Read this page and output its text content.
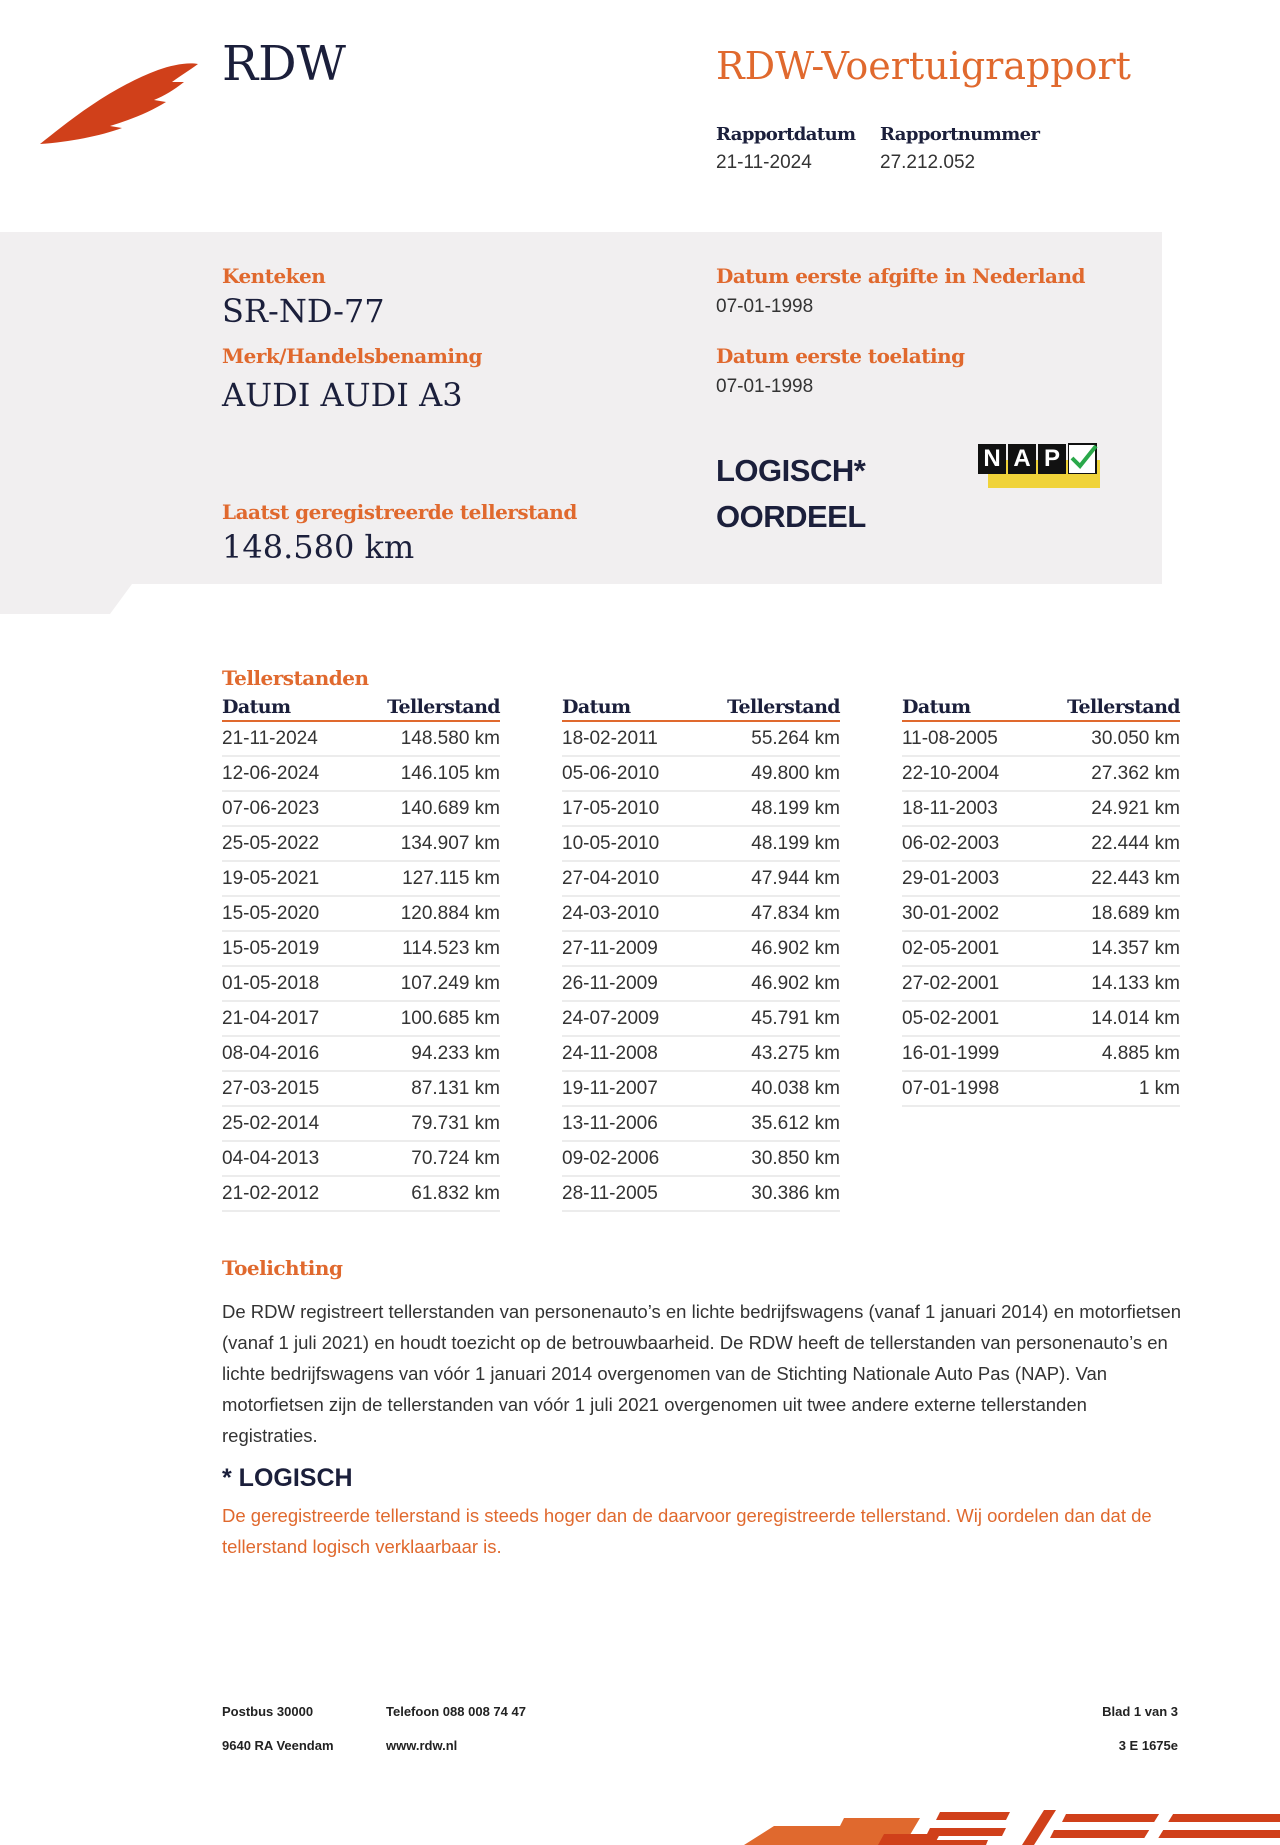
RDW	RDW-Voertuigrapport
Rapportdatum
21-11-2024
Rapportnummer
27.212.052
Kenteken
SR-ND-77
Merk/Handelsbenaming
AUDI AUDI A3
Laatst geregistreerde tellerstand
148.580 km
Datum eerste afgifte in Nederland
07-01-1998
Datum eerste toelating
07-01-1998
LOGISCH*
OORDEEL
N A P
Tellerstanden
Datum	Tellerstand
21-11-2024	148.580 km
12-06-2024	146.105 km
07-06-2023	140.689 km
25-05-2022	134.907 km
19-05-2021	127.115 km
15-05-2020	120.884 km
15-05-2019	114.523 km
01-05-2018	107.249 km
21-04-2017	100.685 km
08-04-2016	94.233 km
27-03-2015	87.131 km
25-02-2014	79.731 km
04-04-2013	70.724 km
21-02-2012	61.832 km
Datum	Tellerstand
18-02-2011	55.264 km
05-06-2010	49.800 km
17-05-2010	48.199 km
10-05-2010	48.199 km
27-04-2010	47.944 km
24-03-2010	47.834 km
27-11-2009	46.902 km
26-11-2009	46.902 km
24-07-2009	45.791 km
24-11-2008	43.275 km
19-11-2007	40.038 km
13-11-2006	35.612 km
09-02-2006	30.850 km
28-11-2005	30.386 km
Datum	Tellerstand
11-08-2005	30.050 km
22-10-2004	27.362 km
18-11-2003	24.921 km
06-02-2003	22.444 km
29-01-2003	22.443 km
30-01-2002	18.689 km
02-05-2001	14.357 km
27-02-2001	14.133 km
05-02-2001	14.014 km
16-01-1999	4.885 km
07-01-1998	1 km
Toelichting
De RDW registreert tellerstanden van personenauto’s en lichte bedrijfswagens (vanaf 1 januari 2014) en motorfietsen (vanaf 1 juli 2021) en houdt toezicht op de betrouwbaarheid. De RDW heeft de tellerstanden van personenauto’s en lichte bedrijfswagens van vóór 1 januari 2014 overgenomen van de Stichting Nationale Auto Pas (NAP). Van motorfietsen zijn de tellerstanden van vóór 1 juli 2021 overgenomen uit twee andere externe tellerstanden registraties.
* LOGISCH
De geregistreerde tellerstand is steeds hoger dan de daarvoor geregistreerde tellerstand. Wij oordelen dan dat de tellerstand logisch verklaarbaar is.
Postbus 30000
9640 RA Veendam
Telefoon 088 008 74 47
www.rdw.nl
Blad 1 van 3
3 E 1675e
